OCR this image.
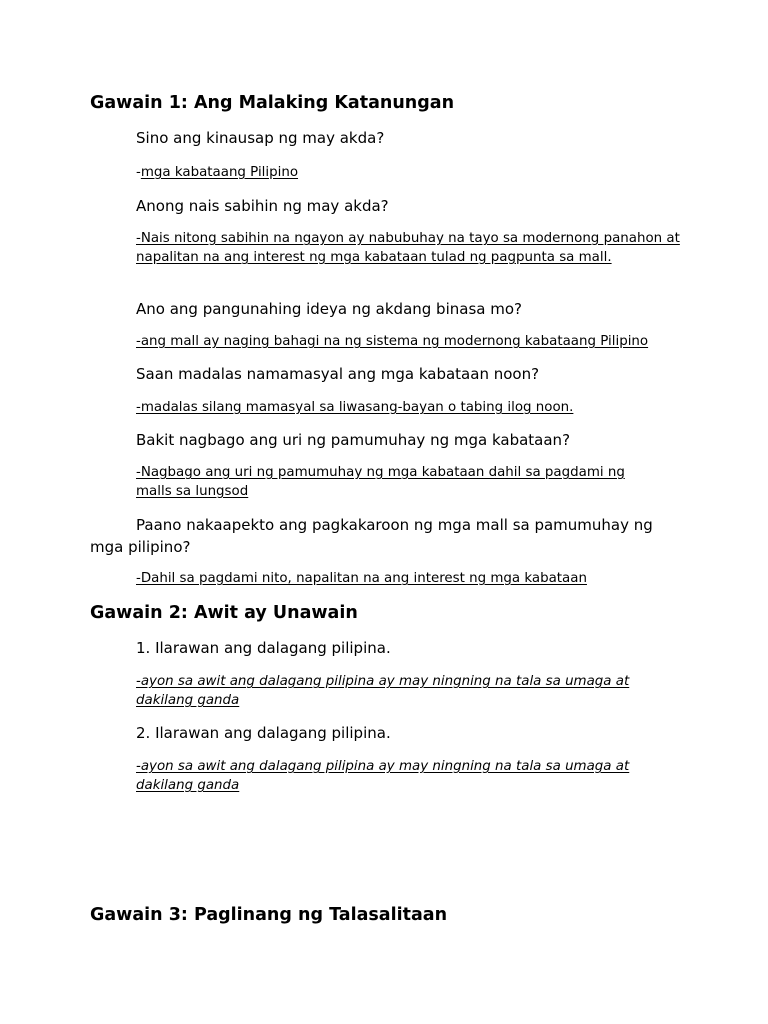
Gawain 1: Ang Malaking Katanungan

Sino ang kinausap ng may akda?

-mga kabataang Pilipino

Anong nais sabihin ng may akda?

-Nais nitong sabihin na ngayon ay nabubuhay na tayo sa modernong panahon at napalitan na ang interest ng mga kabataan tulad ng pagpunta sa mall.

Ano ang pangunahing ideya ng akdang binasa mo?

-ang mall ay naging bahagi na ng sistema ng modernong kabataang Pilipino

Saan madalas namamasyal ang mga kabataan noon?

-madalas silang mamasyal sa liwasang-bayan o tabing ilog noon.

Bakit nagbago ang uri ng pamumuhay ng mga kabataan?

-Nagbago ang uri ng pamumuhay ng mga kabataan dahil sa pagdami ng malls sa lungsod

Paano nakaapekto ang pagkakaroon ng mga mall sa pamumuhay ng mga pilipino?

-Dahil sa pagdami nito, napalitan na ang interest ng mga kabataan

Gawain 2: Awit ay Unawain

1. Ilarawan ang dalagang pilipina.

-ayon sa awit ang dalagang pilipina ay may ningning na tala sa umaga at dakilang ganda

2. Ilarawan ang dalagang pilipina.

-ayon sa awit ang dalagang pilipina ay may ningning na tala sa umaga at dakilang ganda

Gawain 3: Paglinang ng Talasalitaan
